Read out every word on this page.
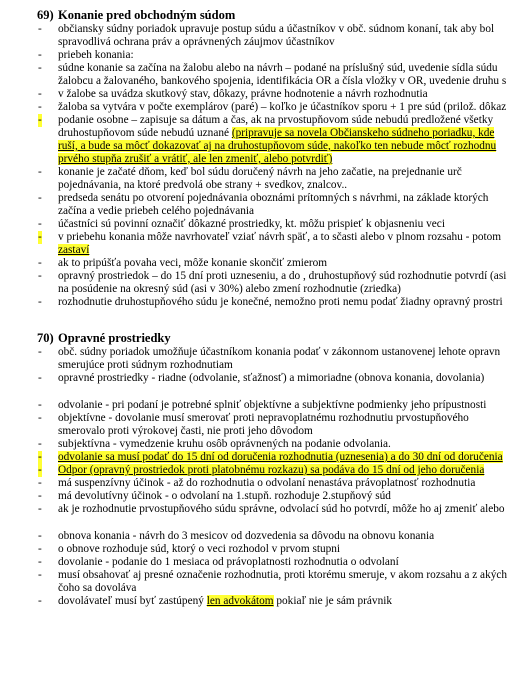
69) Konanie pred obchodným súdom
- občiansky súdny poriadok upravuje postup súdu a účastníkov v obč. súdnom konaní, tak aby bol
spravodlivá ochrana práv a oprávnených záujmov účastníkov
- priebeh konania:
- súdne konanie sa začína na žalobu alebo na návrh – podané na príslušný súd, uvedenie sídla súdu
žalobcu a žalovaného, bankového spojenia, identifikácia OR a čísla vložky v OR, uvedenie druhu s
- v žalobe sa uvádza skutkový stav, dôkazy, právne hodnotenie a návrh rozhodnutia
- žaloba sa vytvára v počte exemplárov (paré) – koľko je účastníkov sporu + 1 pre súd (prilož. dôkaz
- podanie osobne – zapisuje sa dátum a čas, ak na prvostupňovom súde nebudú predložené všetky
druhostupňovom súde nebudú uznané (pripravuje sa novela Občianskeho súdneho poriadku, kde
ruší, a bude sa môcť dokazovať aj na druhostupňovom súde, nakoľko ten nebude môcť rozhodnu
prvého stupňa zrušiť a vrátiť, ale len zmeniť, alebo potvrdiť)
- konanie je začaté dňom, keď bol súdu doručený návrh na jeho začatie, na prejednanie urč
pojednávania, na ktoré predvolá obe strany + svedkov, znalcov..
- predseda senátu po otvorení pojednávania oboznámi prítomných s návrhmi, na základe ktorých
začína a vedie priebeh celého pojednávania
- účastníci sú povinní označiť dôkazné prostriedky, kt. môžu prispieť k objasneniu veci
- v priebehu konania môže navrhovateľ vziať návrh späť, a to sčasti alebo v plnom rozsahu - potom
zastaví
- ak to pripúšťa povaha veci, môže konanie skončiť zmierom
- opravný prostriedok – do 15 dní proti uzneseniu, a do , druhostupňový súd rozhodnutie potvrdí (asi
na posúdenie na okresný súd (asi v 30%) alebo zmení rozhodnutie (zriedka)
- rozhodnutie druhostupňového súdu je konečné, nemožno proti nemu podať žiadny opravný prostri
70) Opravné prostriedky
- obč. súdny poriadok umožňuje účastníkom konania podať v zákonnom ustanovenej lehote opravn
smerujúce proti súdnym rozhodnutiam
- opravné prostriedky - riadne (odvolanie, sťažnosť) a mimoriadne (obnova konania, dovolania)
- odvolanie - pri podaní je potrebné splniť objektívne a subjektívne podmienky jeho prípustnosti
- objektívne - dovolanie musí smerovať proti nepravoplatnému rozhodnutiu prvostupňového
smerovalo proti výrokovej časti, nie proti jeho dôvodom
- subjektívna - vymedzenie kruhu osôb oprávnených na podanie odvolania.
- odvolanie sa musí podať do 15 dní od doručenia rozhodnutia (uznesenia) a do 30 dní od doručenia
- Odpor (opravný prostriedok proti platobnému rozkazu) sa podáva do 15 dní od jeho doručenia
- má suspenzívny účinok - až do rozhodnutia o odvolaní nenastáva právoplatnosť rozhodnutia
- má devolutívny účinok - o odvolaní na 1.stupň. rozhoduje 2.stupňový súd
- ak je rozhodnutie prvostupňového súdu správne, odvolací súd ho potvrdí, môže ho aj zmeniť alebo
- obnova konania - návrh do 3 mesicov od dozvedenia sa dôvodu na obnovu konania
- o obnove rozhoduje súd, ktorý o veci rozhodol v prvom stupni
- dovolanie - podanie do 1 mesiaca od právoplatnosti rozhodnutia o odvolaní
- musí obsahovať aj presné označenie rozhodnutia, proti ktorému smeruje, v akom rozsahu a z akých
čoho sa dovoláva
- dovolávateľ musí byť zastúpený len advokátom pokiaľ nie je sám právnik
